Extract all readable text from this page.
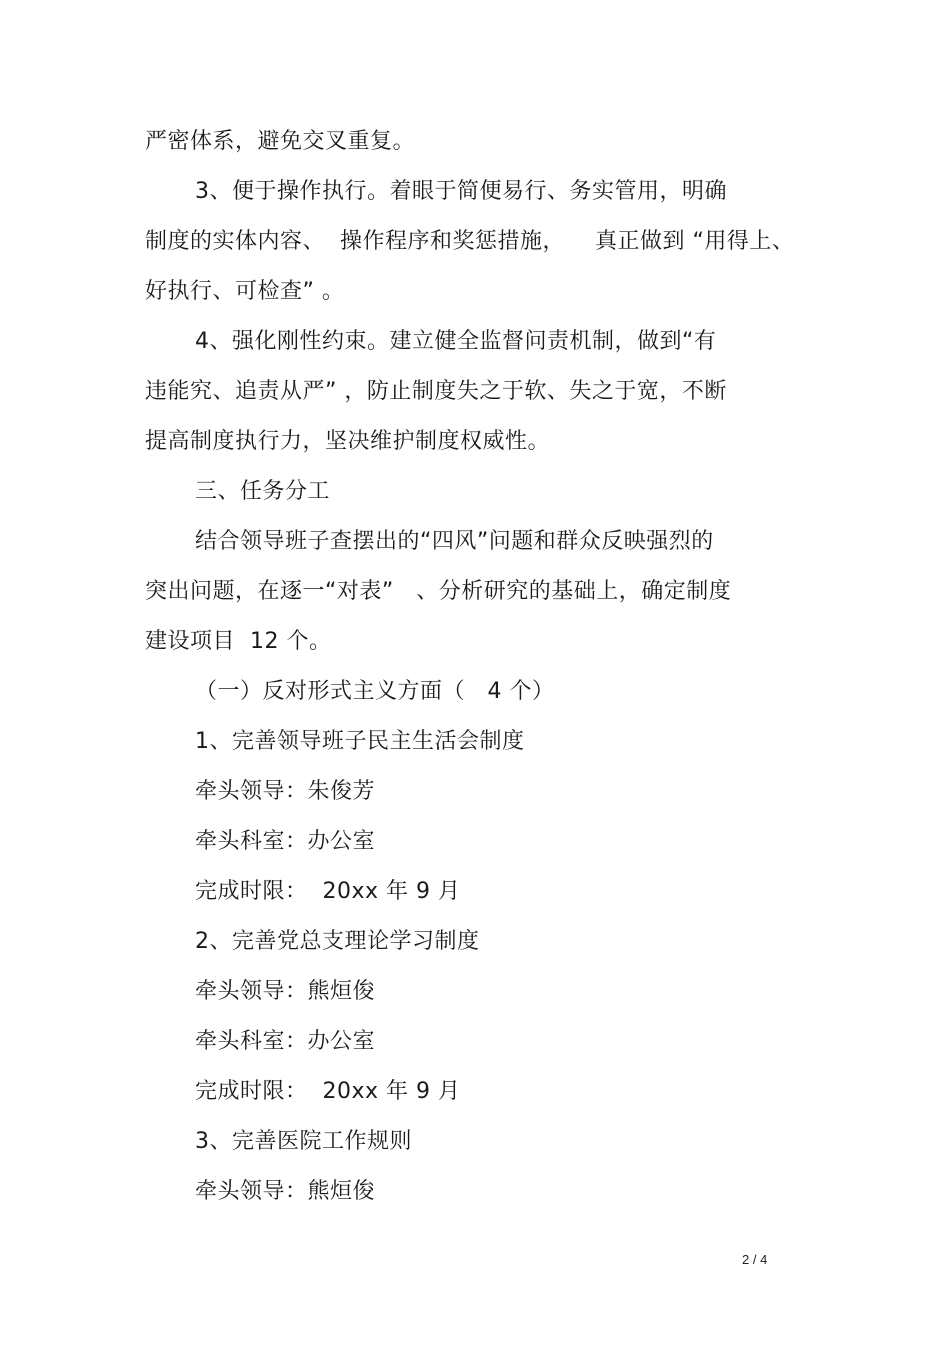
严密体系，避免交叉重复。
3、便于操作执行。着眼于简便易行、务实管用，明确
制度的实体内容、  操作程序和奖惩措施，    真正做到 “用得上、
好执行、可检查” 。
4、强化刚性约束。建立健全监督问责机制，做到“有
违能究、追责从严” ，防止制度失之于软、失之于宽，不断
提高制度执行力，坚决维护制度权威性。
三、任务分工
结合领导班子查摆出的“四风”问题和群众反映强烈的
突出问题，在逐一“对表”   、分析研究的基础上，确定制度
建设项目  12 个。
（一）反对形式主义方面（   4 个）
1、完善领导班子民主生活会制度
牵头领导：朱俊芳
牵头科室：办公室
完成时限：  20xx 年 9 月
2、完善党总支理论学习制度
牵头领导：熊烜俊
牵头科室：办公室
完成时限：  20xx 年 9 月
3、完善医院工作规则
牵头领导：熊烜俊
2 / 4
